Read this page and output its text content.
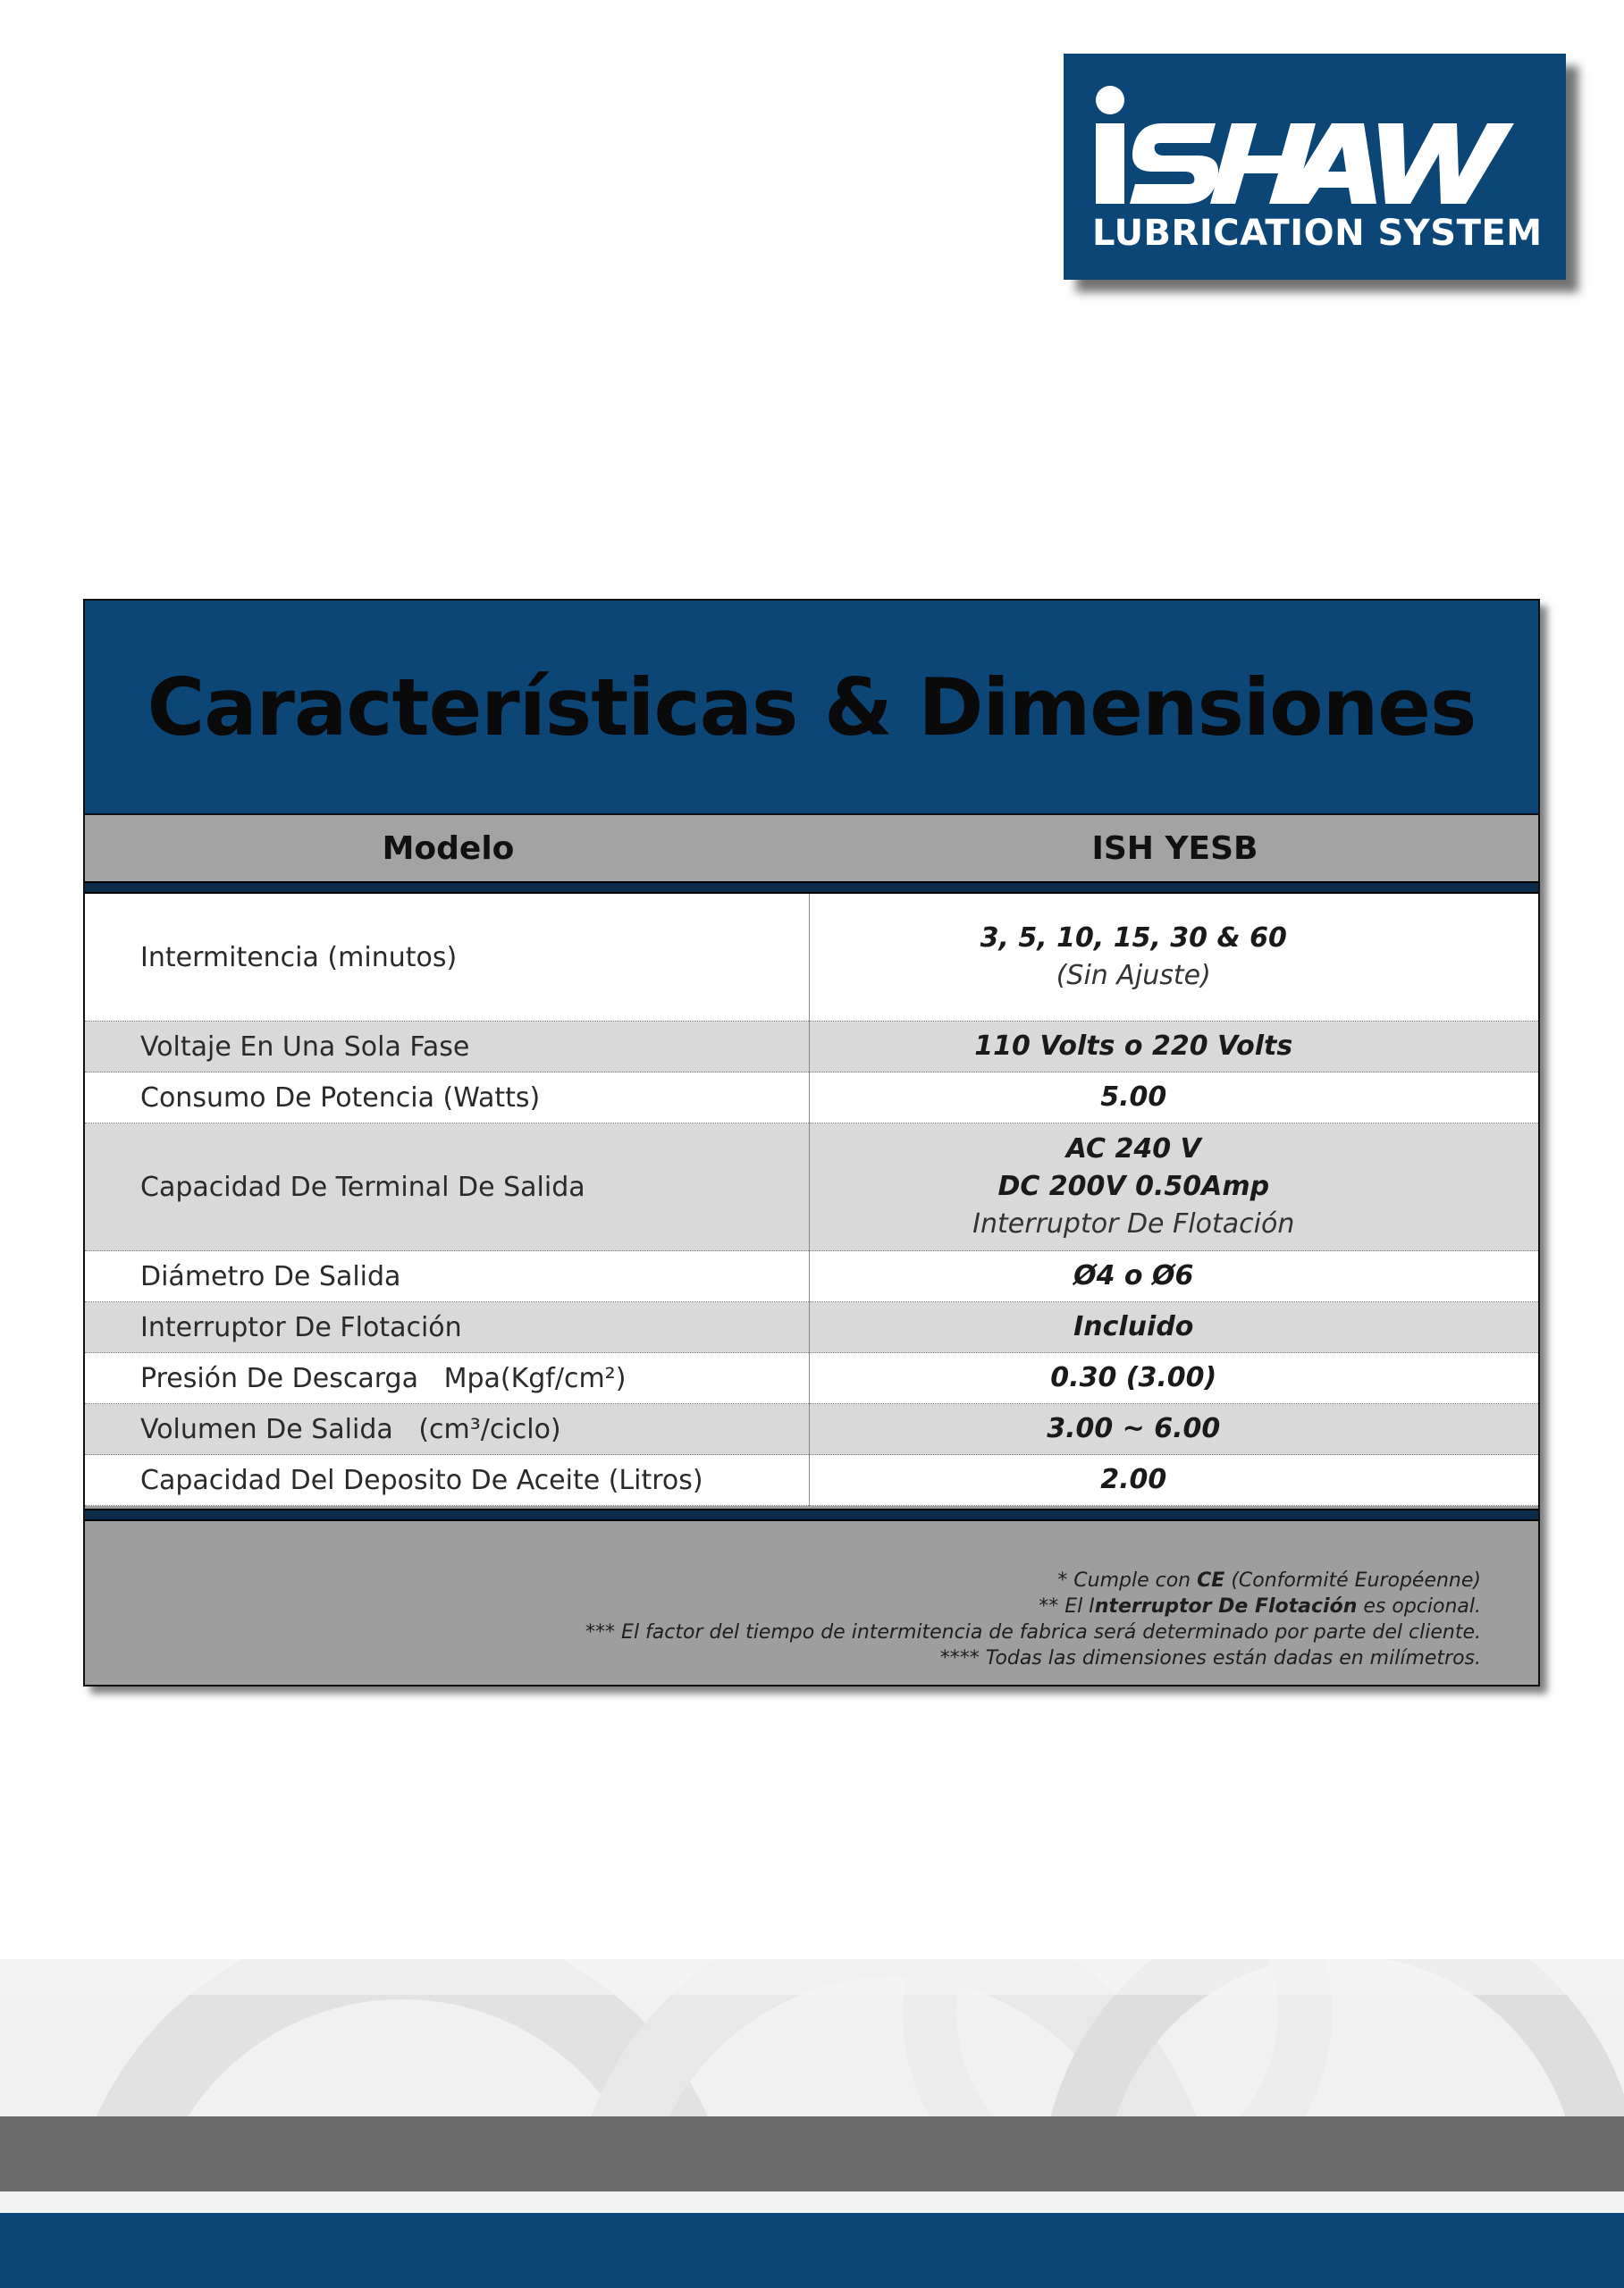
LUBRICATION SYSTEM
Características & Dimensiones
Modelo	ISH YESB
Intermitencia (minutos)	3, 5, 10, 15, 30 & 60
(Sin Ajuste)

Voltaje En Una Sola Fase	110 Volts o 220 Volts

Consumo De Potencia (Watts)	5.00

Capacidad De Terminal De Salida	AC 240 V
DC 200V 0.50Amp
Interruptor De Flotación

Diámetro De Salida	Ø4 o Ø6

Interruptor De Flotación	Incluido

Presión De Descarga   Mpa(Kgf/cm²)	0.30 (3.00)

Volumen De Salida   (cm³/ciclo)	3.00 ~ 6.00

Capacidad Del Deposito De Aceite (Litros)	2.00
* Cumple con CE (Conformité Européenne)
** El Interruptor De Flotación es opcional.
*** El factor del tiempo de intermitencia de fabrica será determinado por parte del cliente.
**** Todas las dimensiones están dadas en milímetros.
